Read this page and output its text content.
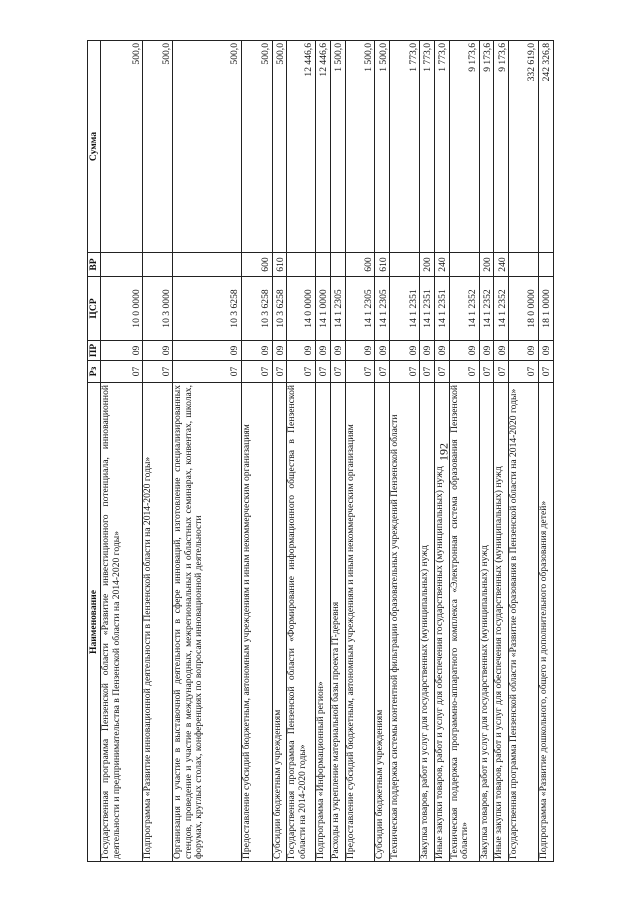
192
Наименование	Рз	ПР	ЦСР	ВР	Сумма
Государственная программа Пензенской области «Развитие инвестиционного потенциала, инновационной деятельности и предпринимательства в Пензенской области на 2014-2020 годы»	07	09	10 0 0000		500,0
Подпрограмма «Развитие инновационной деятельности в Пензенской области на 2014-2020 годы»	07	09	10 3 0000		500,0
Организация и участие в выставочной деятельности в сфере инноваций, изготовление специализированных стендов, проведение и участие в международных, межрегиональных и областных семинарах, конвентах, школах, форумах, круглых столах, конференциях по вопросам инновационной деятельности	07	09	10 3 6258		500,0
Предоставление субсидий бюджетным, автономным учреждениям и иным некоммерческим организациям	07	09	10 3 6258	600	500,0
Субсидии бюджетным учреждениям	07	09	10 3 6258	610	500,0
Государственная программа Пензенской области «Формирование информационного общества в Пензенской области на 2014-2020 годы»	07	09	14 0 0000		12 446,6
Подпрограмма «Информационный регион»	07	09	14 1 0000		12 446,6
Расходы на укрепление материальной базы проекта IT-деревня	07	09	14 1 2305		1 500,0
Предоставление субсидий бюджетным, автономным учреждениям и иным некоммерческим организациям	07	09	14 1 2305	600	1 500,0
Субсидии бюджетным учреждениям	07	09	14 1 2305	610	1 500,0
Техническая поддержка системы контентной фильтрации образовательных учреждений Пензенской области	07	09	14 1 2351		1 773,0
Закупка товаров, работ и услуг для государственных (муниципальных) нужд	07	09	14 1 2351	200	1 773,0
Иные закупки товаров, работ и услуг для обеспечения государственных (муниципальных) нужд	07	09	14 1 2351	240	1 773,0
Техническая поддержка программно-аппаратного комплекса «Электронная система образования Пензенской области»	07	09	14 1 2352		9 173,6
Закупка товаров, работ и услуг для государственных (муниципальных) нужд	07	09	14 1 2352	200	9 173,6
Иные закупки товаров, работ и услуг для обеспечения государственных (муниципальных) нужд	07	09	14 1 2352	240	9 173,6
Государственная программа Пензенской области «Развитие образования в Пензенской области на 2014-2020 годы»	07	09	18 0 0000		332 619,0
Подпрограмма «Развитие дошкольного, общего и дополнительного образования детей»	07	09	18 1 0000		242 326,8
